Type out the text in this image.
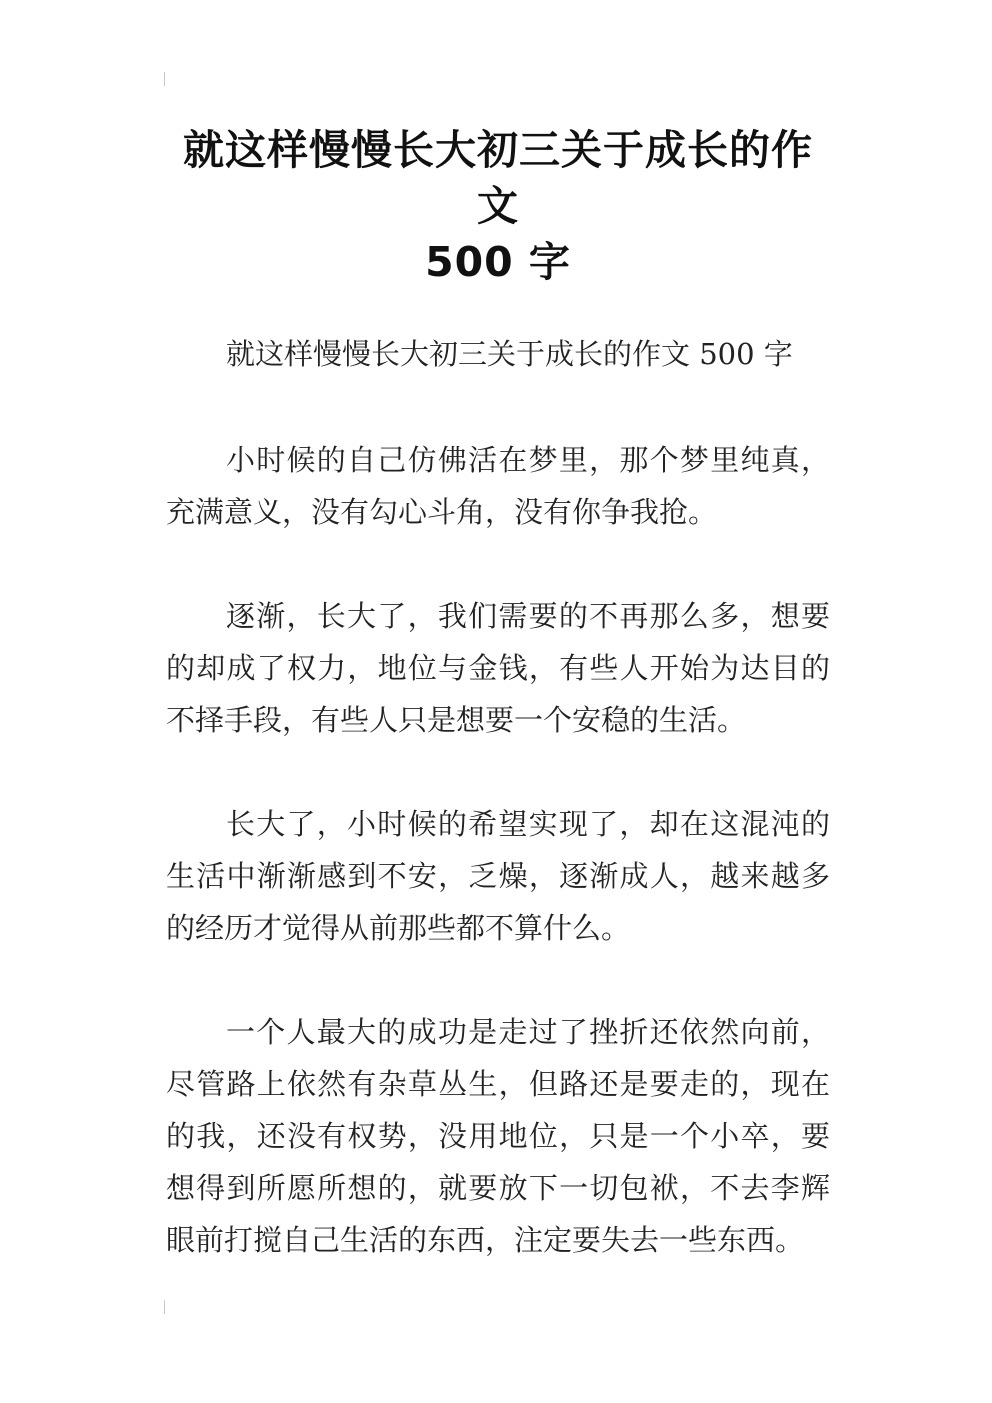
就这样慢慢长大初三关于成长的作文
500 字

就这样慢慢长大初三关于成长的作文 500 字

小时候的自己仿佛活在梦里，那个梦里纯真，
充满意义，没有勾心斗角，没有你争我抢。

逐渐，长大了，我们需要的不再那么多，想要
的却成了权力，地位与金钱，有些人开始为达目的
不择手段，有些人只是想要一个安稳的生活。

长大了，小时候的希望实现了，却在这混沌的
生活中渐渐感到不安，乏燥，逐渐成人，越来越多
的经历才觉得从前那些都不算什么。

一个人最大的成功是走过了挫折还依然向前，
尽管路上依然有杂草丛生，但路还是要走的，现在
的我，还没有权势，没用地位，只是一个小卒，要
想得到所愿所想的，就要放下一切包袱，不去李辉
眼前打搅自己生活的东西，注定要失去一些东西。
